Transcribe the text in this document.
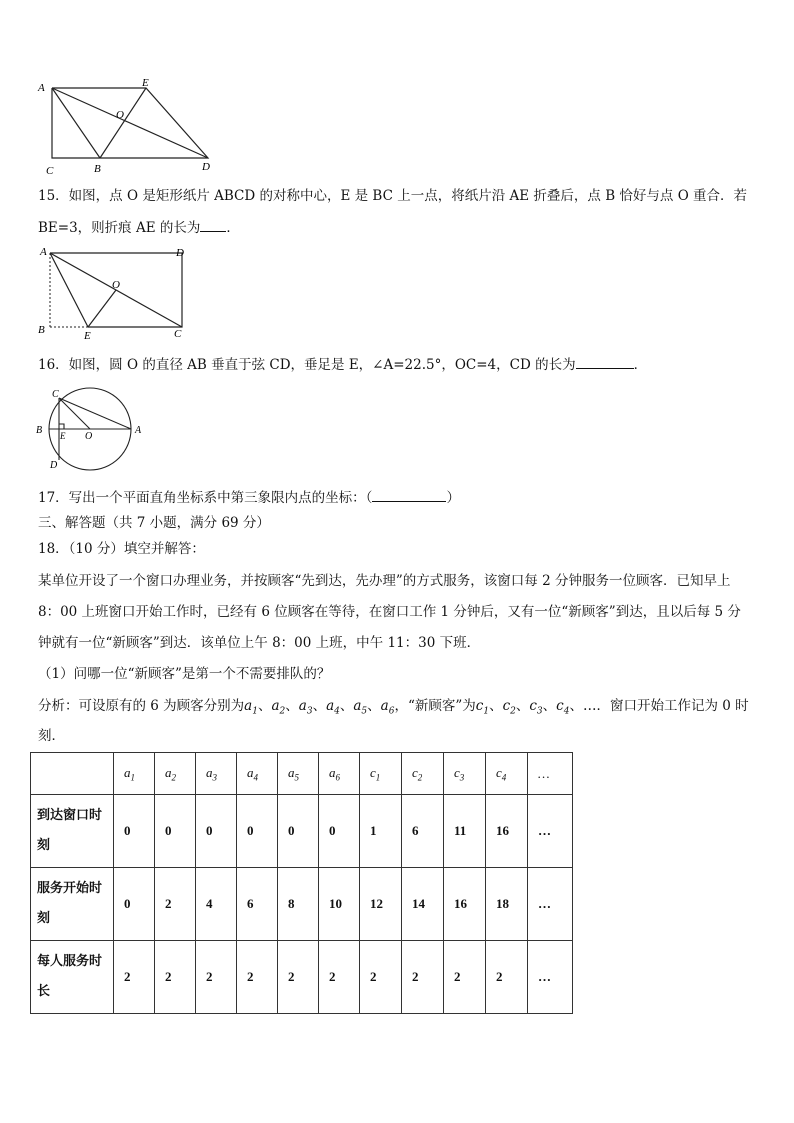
A	E
O
C	B	D
15．如图，点 O 是矩形纸片 ABCD 的对称中心，E 是 BC 上一点，将纸片沿 AE 折叠后，点 B 恰好与点 O 重合．若
BE=3，则折痕 AE 的长为 ．
A	D
O
B	E	C
16．如图，圆 O 的直径 AB 垂直于弦 CD，垂足是 E，∠A=22.5°，OC=4，CD 的长为	．
C
B E O
A
D
17．写出一个平面直角坐标系中第三象限内点的坐标：（	）
三、解答题（共 7 小题，满分 69 分）
18．（10 分）填空并解答：
某单位开设了一个窗口办理业务，并按顾客“先到达，先办理”的方式服务，该窗口每 2 分钟服务一位顾客．已知早上
8：00 上班窗口开始工作时，已经有 6 位顾客在等待，在窗口工作 1 分钟后，又有一位“新顾客”到达，且以后每 5 分
钟就有一位“新顾客”到达．该单位上午 8：00 上班，中午 11：30 下班．
（1）问哪一位“新顾客”是第一个不需要排队的？
分析：可设原有的 6 为顾客分别为$a_1$、$a_2$、$a_3$、$a_4$、$a_5$、$a_6$，“新顾客”为$c_1$、$c_2$、$c_3$、$c_4$、…．窗口开始工作记为 0 时
刻．
	$a_1$	$a_2$	$a_3$	$a_4$	$a_5$	$a_6$	$c_1$	$c_2$	$c_3$	$c_4$	…
到达窗口时刻	0	0	0	0	0	0	1	6	11	16	…
服务开始时刻	0	2	4	6	8	10	12	14	16	18	…
每人服务时长	2	2	2	2	2	2	2	2	2	2	…
